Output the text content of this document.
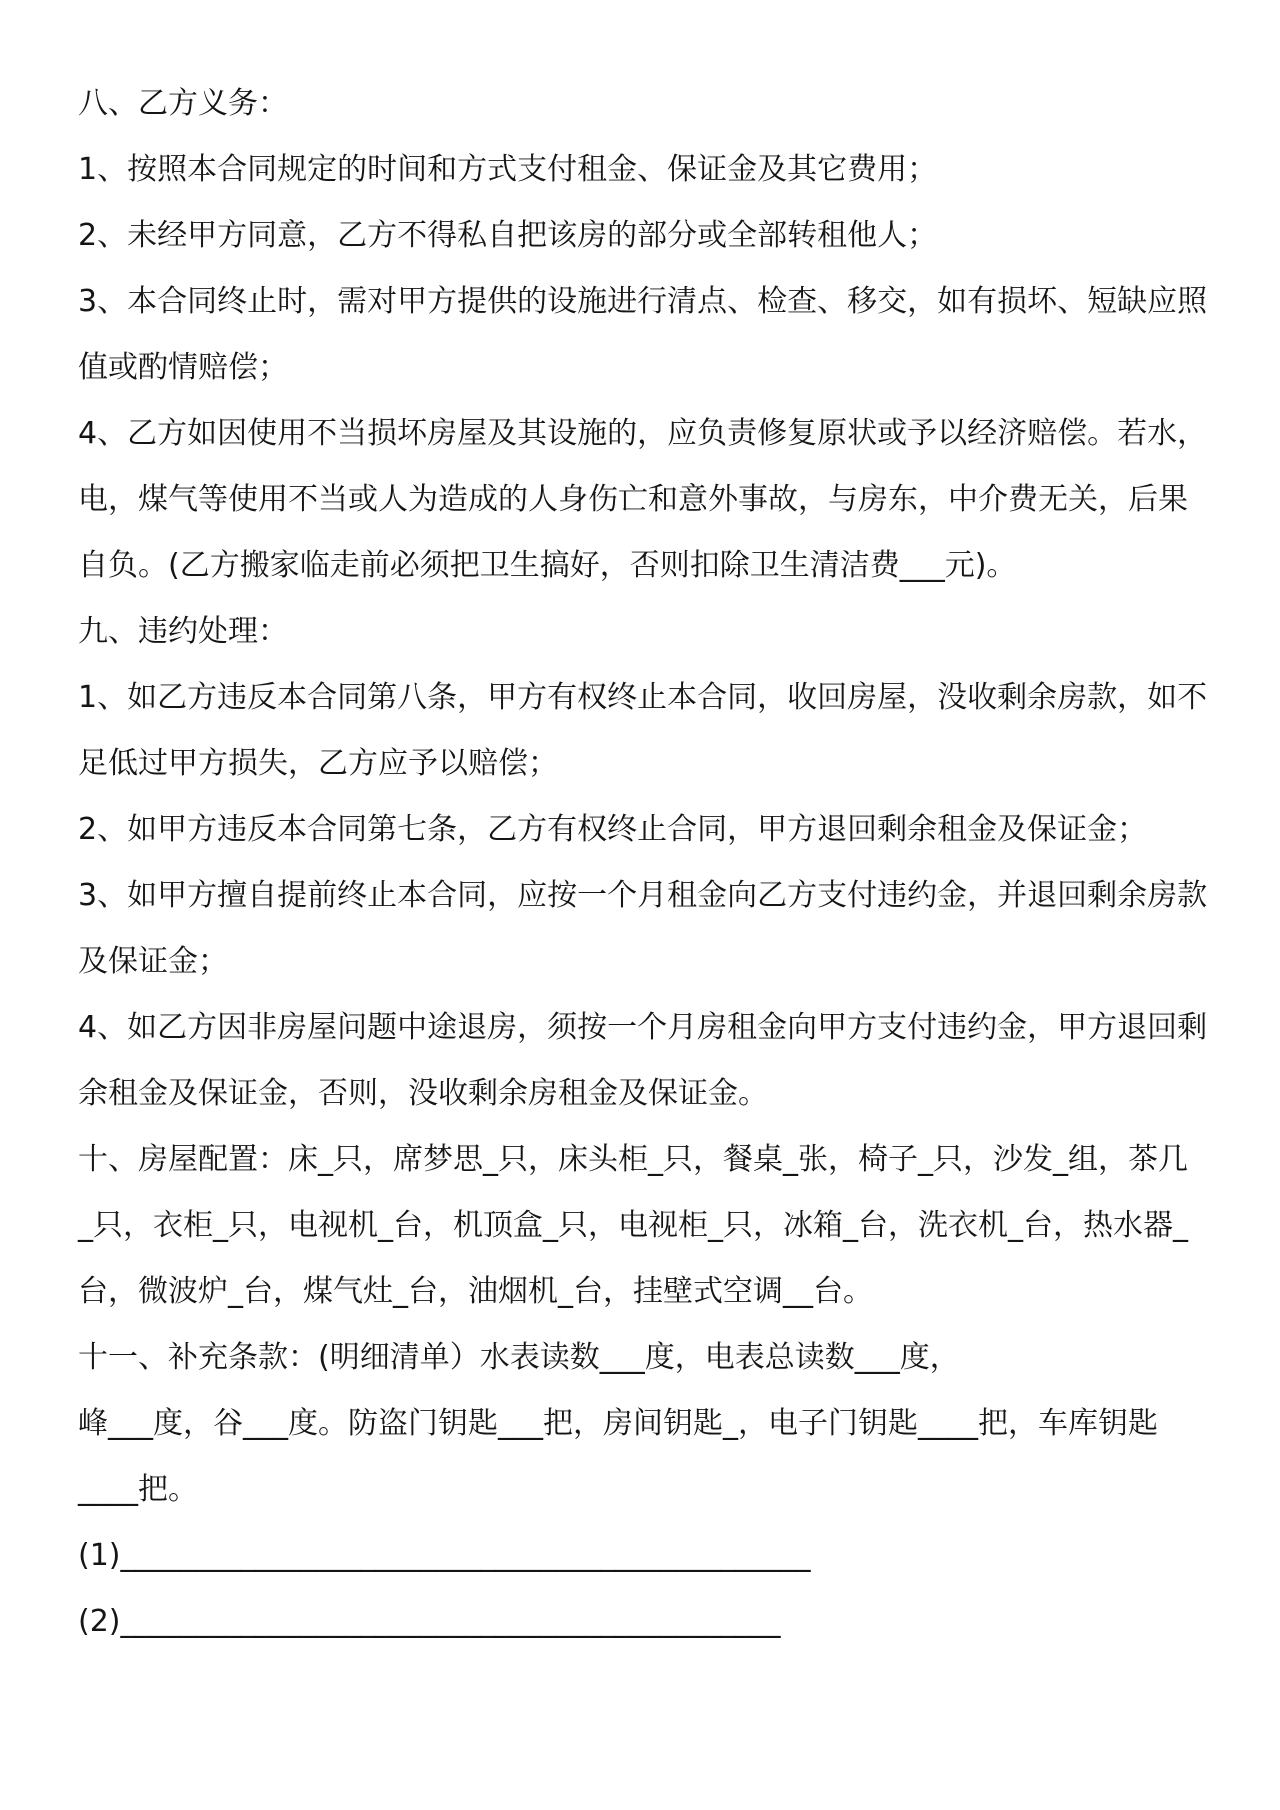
八、乙方义务：

1、按照本合同规定的时间和方式支付租金、保证金及其它费用；

2、未经甲方同意，乙方不得私自把该房的部分或全部转租他人；

3、本合同终止时，需对甲方提供的设施进行清点、检查、移交，如有损坏、短缺应照

值或酌情赔偿；

4、乙方如因使用不当损坏房屋及其设施的，应负责修复原状或予以经济赔偿。若水，

电，煤气等使用不当或人为造成的人身伤亡和意外事故，与房东，中介费无关，后果

自负。(乙方搬家临走前必须把卫生搞好，否则扣除卫生清洁费___元)。

九、违约处理：

1、如乙方违反本合同第八条，甲方有权终止本合同，收回房屋，没收剩余房款，如不

足低过甲方损失，乙方应予以赔偿；

2、如甲方违反本合同第七条，乙方有权终止合同，甲方退回剩余租金及保证金；

3、如甲方擅自提前终止本合同，应按一个月租金向乙方支付违约金，并退回剩余房款

及保证金；

4、如乙方因非房屋问题中途退房，须按一个月房租金向甲方支付违约金，甲方退回剩

余租金及保证金，否则，没收剩余房租金及保证金。

十、房屋配置：床_只，席梦思_只，床头柜_只，餐桌_张，椅子_只，沙发_组，茶几

_只，衣柜_只，电视机_台，机顶盒_只，电视柜_只，冰箱_台，洗衣机_台，热水器_

台，微波炉_台，煤气灶_台，油烟机_台，挂壁式空调__台。

十一、补充条款：(明细清单）水表读数___度，电表总读数___度，

峰___度，谷___度。防盗门钥匙___把，房间钥匙_，电子门钥匙____把，车库钥匙

____把。

(1)______________________________________________

(2)____________________________________________
